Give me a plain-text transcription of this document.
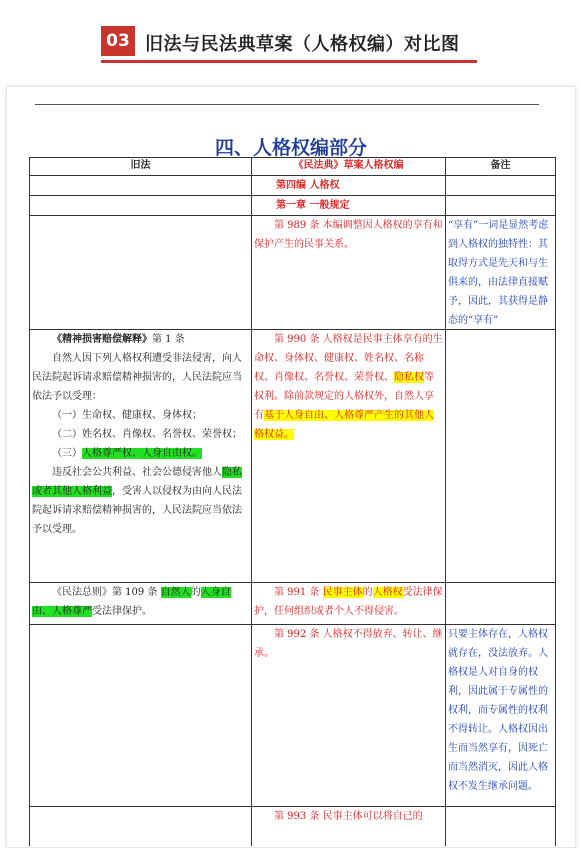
03 旧法与民法典草案（人格权编）对比图
四、人格权编部分
旧法	《民法典》草案人格权编	备注
第四编 人格权
第一章 一般规定
第 989 条 本编调整因人格权的享有和保护产生的民事关系。
“享有”一词是显然考虑到人格权的独特性：其取得方式是先天和与生俱来的，由法律直接赋予，因此，其获得是静态的“享有”
《精神损害赔偿解释》第 1 条
自然人因下列人格权利遭受非法侵害，向人民法院起诉请求赔偿精神损害的，人民法院应当依法予以受理：
（一）生命权、健康权、身体权；
（二）姓名权、肖像权、名誉权、荣誉权；
（三）人格尊严权、人身自由权。
违反社会公共利益、社会公德侵害他人隐私或者其他人格利益，受害人以侵权为由向人民法院起诉请求赔偿精神损害的，人民法院应当依法予以受理。
第 990 条 人格权是民事主体享有的生命权、身体权、健康权、姓名权、名称权、肖像权、名誉权、荣誉权、隐私权等权利。除前款规定的人格权外，自然人享有基于人身自由、人格尊严产生的其他人格权益。
《民法总则》第 109 条 自然人的人身自由、人格尊严受法律保护。
第 991 条 民事主体的人格权受法律保护，任何组织或者个人不得侵害。
第 992 条 人格权不得放弃、转让、继承。
只要主体存在，人格权就存在，没法放弃。人格权是人对自身的权利，因此属于专属性的权利，而专属性的权利不得转让。人格权因出生而当然享有，因死亡而当然消灭，因此人格权不发生继承问题。
第 993 条 民事主体可以将自己的
